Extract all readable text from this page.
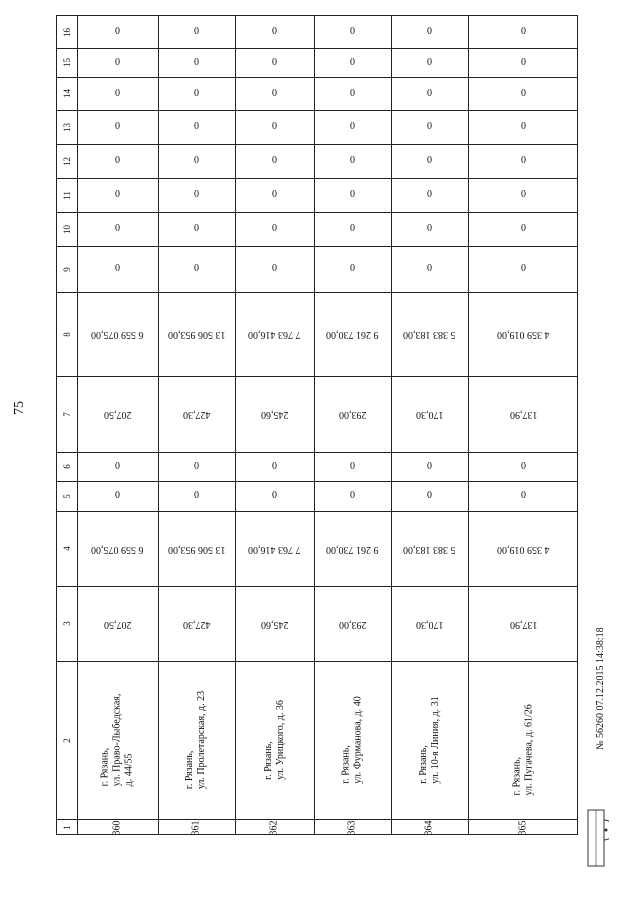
75
16
15
14
13
12
11
10
9
8
7
6
5
4
3
2
1
0
0
0
0
0
0
0
0
6 559 075,00
207,50
0
0
6 559 075,00
207,50
г. Рязань, ул. Право-Лыбедская, д. 44/55
360
0
0
0
0
0
0
0
0
13 506 953,00
427,30
0
0
13 506 953,00
427,30
г. Рязань, ул. Пролетарская, д. 23
361
0
0
0
0
0
0
0
0
7 763 416,00
245,60
0
0
7 763 416,00
245,60
г. Рязань, ул. Урицкого, д. 36
362
0
0
0
0
0
0
0
0
9 261 730,00
293,00
0
0
9 261 730,00
293,00
г. Рязань, ул. Фурманова, д. 40
363
0
0
0
0
0
0
0
0
5 383 183,00
170,30
0
0
5 383 183,00
170,30
г. Рязань, ул. 10-я Линия, д. 31
364
0
0
0
0
0
0
0
0
4 359 019,00
137,90
0
0
4 359 019,00
137,90
г. Рязань, ул. Пугачева, д. 61/26
365
№ 56260 07.12.2015 14:38:18
